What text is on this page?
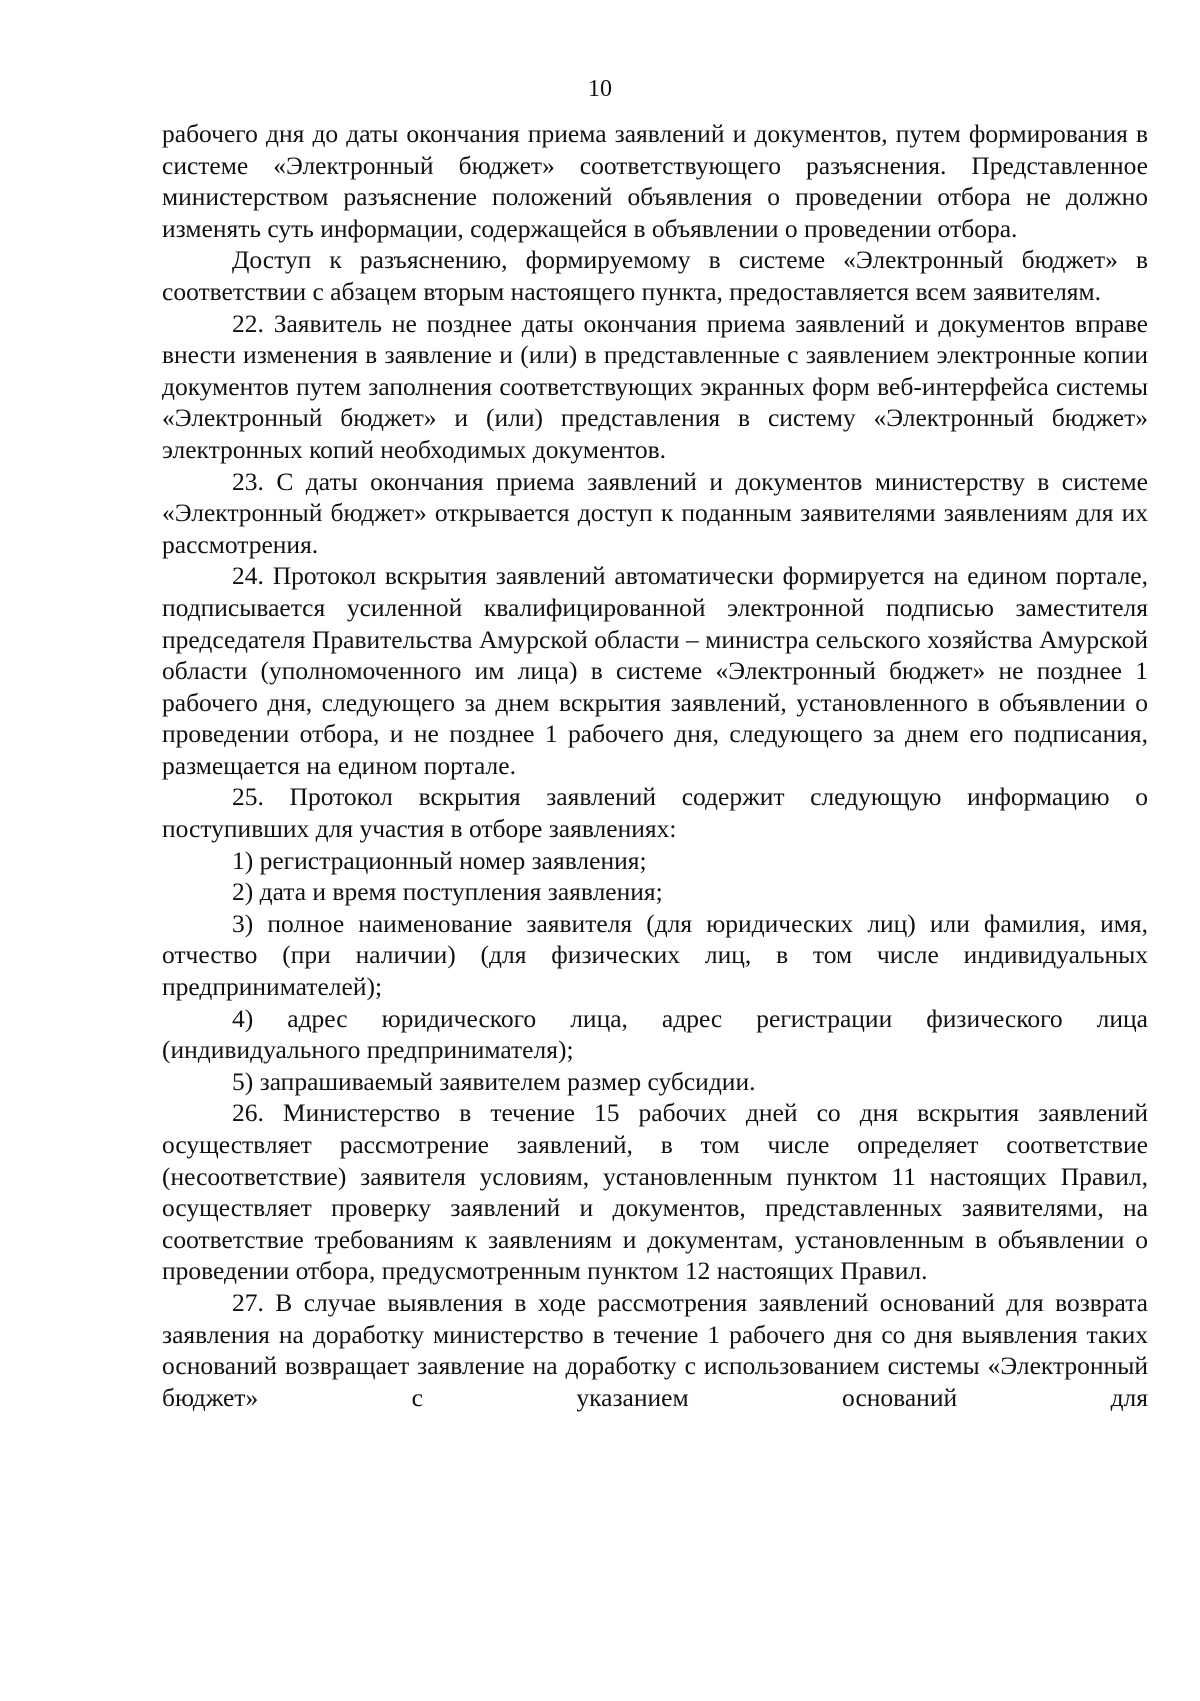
10

рабочего дня до даты окончания приема заявлений и документов, путем формирования в системе «Электронный бюджет» соответствующего разъяснения. Представленное министерством разъяснение положений объявления о проведении отбора не должно изменять суть информации, содержащейся в объявлении о проведении отбора.

Доступ к разъяснению, формируемому в системе «Электронный бюджет» в соответствии с абзацем вторым настоящего пункта, предоставляется всем заявителям.

22. Заявитель не позднее даты окончания приема заявлений и документов вправе внести изменения в заявление и (или) в представленные с заявлением электронные копии документов путем заполнения соответствующих экранных форм веб-интерфейса системы «Электронный бюджет» и (или) представления в систему «Электронный бюджет» электронных копий необходимых документов.

23. С даты окончания приема заявлений и документов министерству в системе «Электронный бюджет» открывается доступ к поданным заявителями заявлениям для их рассмотрения.

24. Протокол вскрытия заявлений автоматически формируется на едином портале, подписывается усиленной квалифицированной электронной подписью заместителя председателя Правительства Амурской области – министра сельского хозяйства Амурской области (уполномоченного им лица) в системе «Электронный бюджет» не позднее 1 рабочего дня, следующего за днем вскрытия заявлений, установленного в объявлении о проведении отбора, и не позднее 1 рабочего дня, следующего за днем его подписания, размещается на едином портале.

25. Протокол вскрытия заявлений содержит следующую информацию о поступивших для участия в отборе заявлениях:

1) регистрационный номер заявления;

2) дата и время поступления заявления;

3) полное наименование заявителя (для юридических лиц) или фамилия, имя, отчество (при наличии) (для физических лиц, в том числе индивидуальных предпринимателей);

4) адрес юридического лица, адрес регистрации физического лица (индивидуального предпринимателя);

5) запрашиваемый заявителем размер субсидии.

26. Министерство в течение 15 рабочих дней со дня вскрытия заявлений осуществляет рассмотрение заявлений, в том числе определяет соответствие (несоответствие) заявителя условиям, установленным пунктом 11 настоящих Правил, осуществляет проверку заявлений и документов, представленных заявителями, на соответствие требованиям к заявлениям и документам, установленным в объявлении о проведении отбора, предусмотренным пунктом 12 настоящих Правил.

27. В случае выявления в ходе рассмотрения заявлений оснований для возврата заявления на доработку министерство в течение 1 рабочего дня со дня выявления таких оснований возвращает заявление на доработку с использованием системы «Электронный бюджет» с указанием оснований для
